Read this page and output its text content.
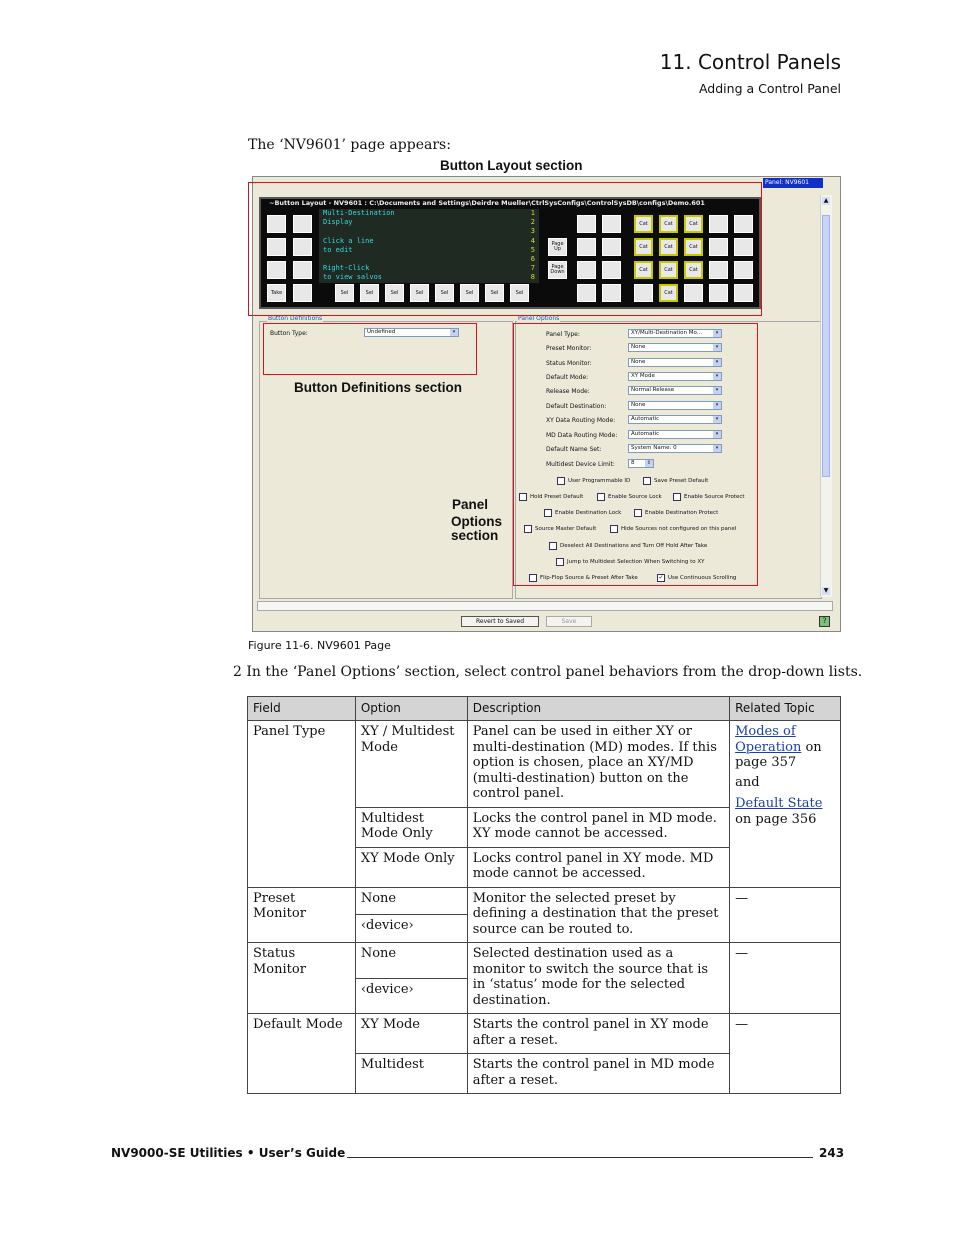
11. Control Panels
Adding a Control Panel
The ‘NV9601’ page appears:
Button Layout section
Panel: NV9601
~Button Layout - NV9601 : C:\Documents and Settings\Deirdre Mueller\CtrlSysConfigs\ControlSysDB\configs\Demo.601
Multi-Destination	1
Display	2
3
Click a line	4
to edit	5
6
Right-Click	7
to view salvos	8
Take	Sel	Sel	Sel	Sel	Sel	Sel	Sel	Sel
Page Up
Page Down
Cat	Cat	Cat
Cat	Cat	Cat
Cat	Cat	Cat
Cat
Button Definitions
Button Type:	Undefined	▾
Panel Options
Panel Type:	XY/Multi-Destination Mo...	▾
Preset Monitor:	None	▾
Status Monitor:	None	▾
Default Mode:	XY Mode	▾
Release Mode:	Normal Release	▾
Default Destination:	None	▾
XY Data Routing Mode:	Automatic	▾
MD Data Routing Mode:	Automatic	▾
Default Name Set:	System Name: 0	▾
Multidest Device Limit:	8	⇕
User Programmable ID	Save Preset Default
Hold Preset Default	Enable Source Lock	Enable Source Protect
Enable Destination Lock	Enable Destination Protect
Source Master Default	Hide Sources not configured on this panel
Deselect All Destinations and Turn Off Hold After Take
Jump to Multidest Selection When Switching to XY
Flip-Flop Source & Preset After Take	✓ Use Continuous Scrolling
▲
▼
Revert to Saved	Save	?
Button Definitions section
Panel
Options
section
Figure 11-6. NV9601 Page
2 In the ‘Panel Options’ section, select control panel behaviors from the drop-down lists.
Field	Option	Description	Related Topic
Panel Type	XY / Multidest Mode	Panel can be used in either XY or multi-destination (MD) modes. If this option is chosen, place an XY/MD (multi-destination) button on the control panel.	Modes of Operation on page 357
and
Default State on page 356
	Multidest Mode Only	Locks the control panel in MD mode. XY mode cannot be accessed.	
	XY Mode Only	Locks control panel in XY mode. MD mode cannot be accessed.	
Preset Monitor	None	Monitor the selected preset by defining a destination that the preset source can be routed to.	—
	‹device›		
Status Monitor	None	Selected destination used as a monitor to switch the source that is in ‘status’ mode for the selected destination.	—
	‹device›		
Default Mode	XY Mode	Starts the control panel in XY mode after a reset.	—
	Multidest	Starts the control panel in MD mode after a reset.	
NV9000-SE Utilities • User’s Guide	243
